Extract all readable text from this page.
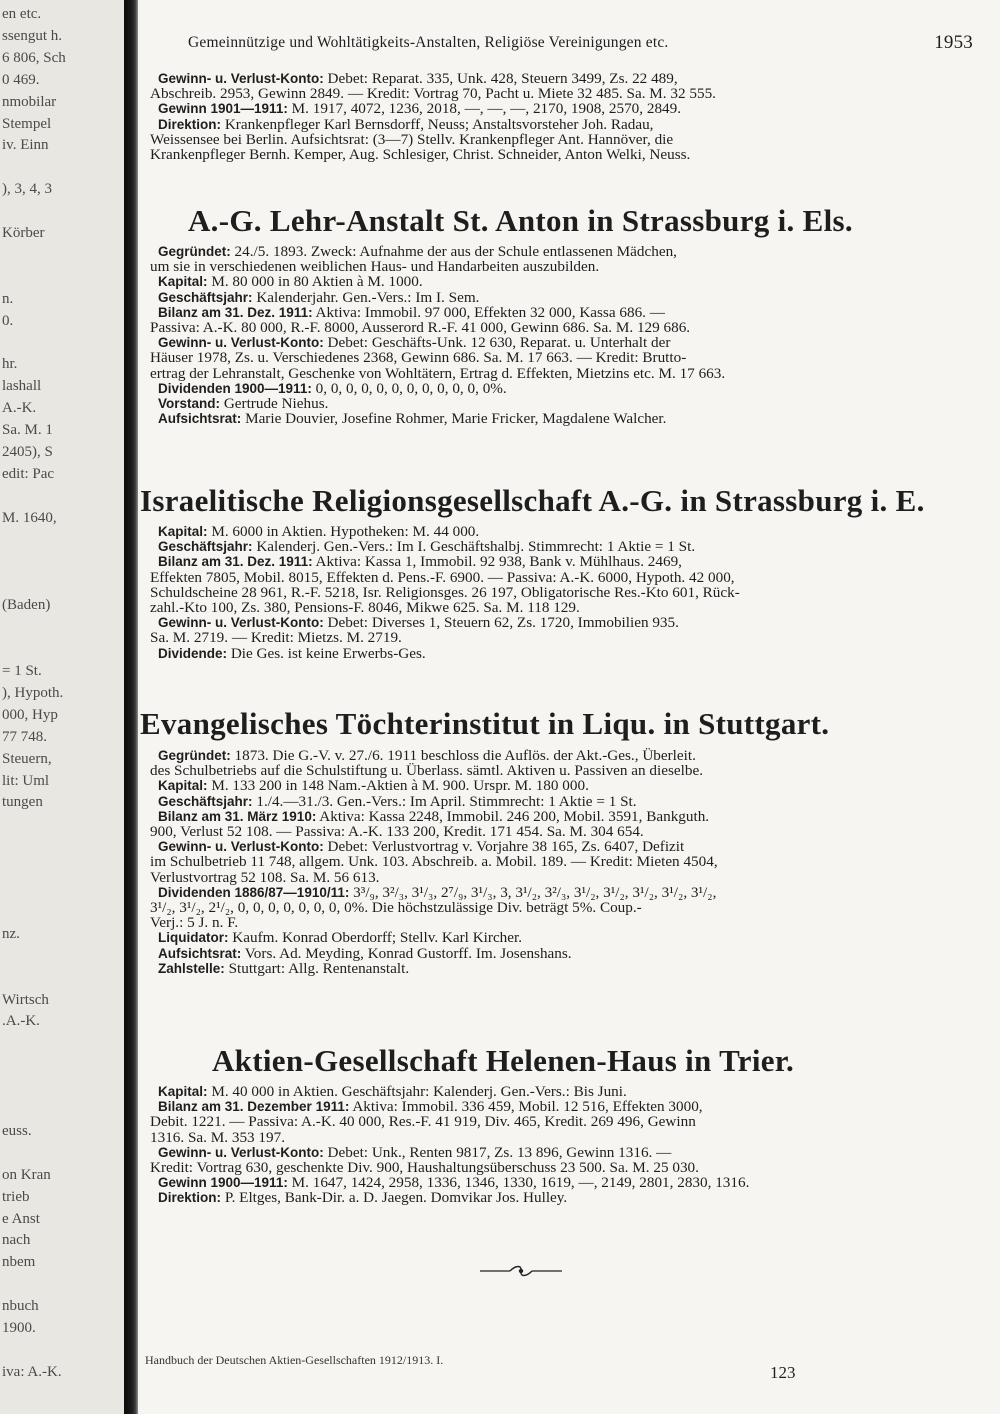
en etc.
ssengut h.
6 806, Sch
0 469.
nmobilar
Stempel
iv. Einn
), 3, 4, 3
Körber
n.
0.
hr.
lashall
A.-K.
Sa. M. 1
2405), S
edit: Pac
M. 1640,
(Baden)
= 1 St.
), Hypoth.
000, Hyp
77 748.
Steuern,
lit: Uml
tungen
nz.
Wirtsch
.A.-K.
euss.
on Kran
trieb
e Anst
nach
nbem
nbuch
1900.
iva: A.-K.
Gemeinnützige und Wohltätigkeits-Anstalten, Religiöse Vereinigungen etc.	1953
Gewinn- u. Verlust-Konto: Debet: Reparat. 335, Unk. 428, Steuern 3499, Zs. 22 489,
Abschreib. 2953, Gewinn 2849. — Kredit: Vortrag 70, Pacht u. Miete 32 485. Sa. M. 32 555.
Gewinn 1901—1911: M. 1917, 4072, 1236, 2018, —, —, —, 2170, 1908, 2570, 2849.
Direktion: Krankenpfleger Karl Bernsdorff, Neuss; Anstaltsvorsteher Joh. Radau,
Weissensee bei Berlin. Aufsichtsrat: (3—7) Stellv. Krankenpfleger Ant. Hannöver, die
Krankenpfleger Bernh. Kemper, Aug. Schlesiger, Christ. Schneider, Anton Welki, Neuss.
A.-G. Lehr-Anstalt St. Anton in Strassburg i. Els.
Gegründet: 24./5. 1893. Zweck: Aufnahme der aus der Schule entlassenen Mädchen,
um sie in verschiedenen weiblichen Haus- und Handarbeiten auszubilden.
Kapital: M. 80 000 in 80 Aktien à M. 1000.
Geschäftsjahr: Kalenderjahr. Gen.-Vers.: Im I. Sem.
Bilanz am 31. Dez. 1911: Aktiva: Immobil. 97 000, Effekten 32 000, Kassa 686. —
Passiva: A.-K. 80 000, R.-F. 8000, Ausserord R.-F. 41 000, Gewinn 686. Sa. M. 129 686.
Gewinn- u. Verlust-Konto: Debet: Geschäfts-Unk. 12 630, Reparat. u. Unterhalt der
Häuser 1978, Zs. u. Verschiedenes 2368, Gewinn 686. Sa. M. 17 663. — Kredit: Brutto-
ertrag der Lehranstalt, Geschenke von Wohltätern, Ertrag d. Effekten, Mietzins etc. M. 17 663.
Dividenden 1900—1911: 0, 0, 0, 0, 0, 0, 0, 0, 0, 0, 0, 0%.
Vorstand: Gertrude Niehus.
Aufsichtsrat: Marie Douvier, Josefine Rohmer, Marie Fricker, Magdalene Walcher.
Israelitische Religionsgesellschaft A.-G. in Strassburg i. E.
Kapital: M. 6000 in Aktien. Hypotheken: M. 44 000.
Geschäftsjahr: Kalenderj. Gen.-Vers.: Im I. Geschäftshalbj. Stimmrecht: 1 Aktie = 1 St.
Bilanz am 31. Dez. 1911: Aktiva: Kassa 1, Immobil. 92 938, Bank v. Mühlhaus. 2469,
Effekten 7805, Mobil. 8015, Effekten d. Pens.-F. 6900. — Passiva: A.-K. 6000, Hypoth. 42 000,
Schuldscheine 28 961, R.-F. 5218, Isr. Religionsges. 26 197, Obligatorische Res.-Kto 601, Rück-
zahl.-Kto 100, Zs. 380, Pensions-F. 8046, Mikwe 625. Sa. M. 118 129.
Gewinn- u. Verlust-Konto: Debet: Diverses 1, Steuern 62, Zs. 1720, Immobilien 935.
Sa. M. 2719. — Kredit: Mietzs. M. 2719.
Dividende: Die Ges. ist keine Erwerbs-Ges.
Evangelisches Töchterinstitut in Liqu. in Stuttgart.
Gegründet: 1873. Die G.-V. v. 27./6. 1911 beschloss die Auflös. der Akt.-Ges., Überleit.
des Schulbetriebs auf die Schulstiftung u. Überlass. sämtl. Aktiven u. Passiven an dieselbe.
Kapital: M. 133 200 in 148 Nam.-Aktien à M. 900. Urspr. M. 180 000.
Geschäftsjahr: 1./4.—31./3. Gen.-Vers.: Im April. Stimmrecht: 1 Aktie = 1 St.
Bilanz am 31. März 1910: Aktiva: Kassa 2248, Immobil. 246 200, Mobil. 3591, Bankguth.
900, Verlust 52 108. — Passiva: A.-K. 133 200, Kredit. 171 454. Sa. M. 304 654.
Gewinn- u. Verlust-Konto: Debet: Verlustvortrag v. Vorjahre 38 165, Zs. 6407, Defizit
im Schulbetrieb 11 748, allgem. Unk. 103. Abschreib. a. Mobil. 189. — Kredit: Mieten 4504,
Verlustvortrag 52 108. Sa. M. 56 613.
Dividenden 1886/87—1910/11: 3³/₉, 3²/₃, 3¹/₃, 2⁷/₉, 3¹/₃, 3, 3¹/₂, 3²/₃, 3¹/₂, 3¹/₂, 3¹/₂, 3¹/₂, 3¹/₂,
3¹/₂, 3¹/₂, 2¹/₂, 0, 0, 0, 0, 0, 0, 0, 0%. Die höchstzulässige Div. beträgt 5%. Coup.-
Verj.: 5 J. n. F.
Liquidator: Kaufm. Konrad Oberdorff; Stellv. Karl Kircher.
Aufsichtsrat: Vors. Ad. Meyding, Konrad Gustorff. Im. Josenshans.
Zahlstelle: Stuttgart: Allg. Rentenanstalt.
Aktien-Gesellschaft Helenen-Haus in Trier.
Kapital: M. 40 000 in Aktien. Geschäftsjahr: Kalenderj. Gen.-Vers.: Bis Juni.
Bilanz am 31. Dezember 1911: Aktiva: Immobil. 336 459, Mobil. 12 516, Effekten 3000,
Debit. 1221. — Passiva: A.-K. 40 000, Res.-F. 41 919, Div. 465, Kredit. 269 496, Gewinn
1316. Sa. M. 353 197.
Gewinn- u. Verlust-Konto: Debet: Unk., Renten 9817, Zs. 13 896, Gewinn 1316. —
Kredit: Vortrag 630, geschenkte Div. 900, Haushaltungsüberschuss 23 500. Sa. M. 25 030.
Gewinn 1900—1911: M. 1647, 1424, 2958, 1336, 1346, 1330, 1619, —, 2149, 2801, 2830, 1316.
Direktion: P. Eltges, Bank-Dir. a. D. Jaegen. Domvikar Jos. Hulley.
Handbuch der Deutschen Aktien-Gesellschaften 1912/1913. I.
123
